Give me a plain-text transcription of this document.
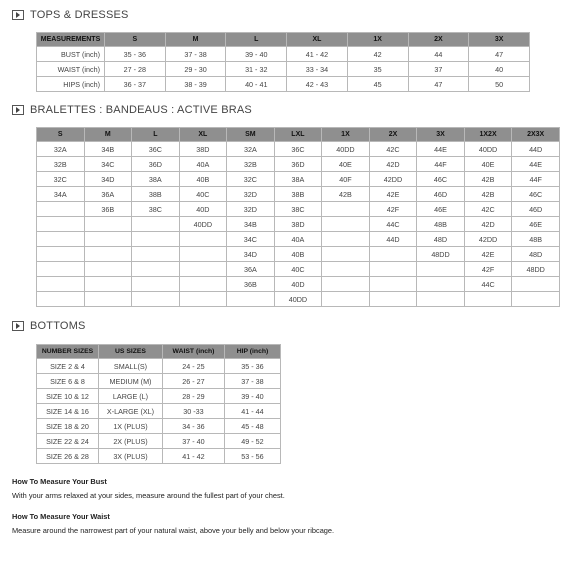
TOPS & DRESSES
MEASUREMENTS	S	M	L	XL	1X	2X	3X
BUST (inch)	35 - 36	37 - 38	39 - 40	41 - 42	42	44	47
WAIST (inch)	27 - 28	29 - 30	31 - 32	33 - 34	35	37	40
HIPS (inch)	36 - 37	38 - 39	40 - 41	42 - 43	45	47	50
BRALETTES : BANDEAUS : ACTIVE BRAS
S	M	L	XL	SM	LXL	1X	2X	3X	1X2X	2X3X
32A	34B	36C	38D	32A	36C	40DD	42C	44E	40DD	44D
32B	34C	36D	40A	32B	36D	40E	42D	44F	40E	44E
32C	34D	38A	40B	32C	38A	40F	42DD	46C	42B	44F
34A	36A	38B	40C	32D	38B	42B	42E	46D	42B	46C
	36B	38C	40D	32D	38C		42F	46E	42C	46D
			40DD	34B	38D		44C	48B	42D	46E
				34C	40A		44D	48D	42DD	48B
				34D	40B			48DD	42E	48D
				36A	40C				42F	48DD
				36B	40D				44C	
					40DD					
BOTTOMS
NUMBER SIZES	US SIZES	WAIST (inch)	HIP (inch)
SIZE 2 & 4	SMALL(S)	24 - 25	35 - 36
SIZE 6 & 8	MEDIUM (M)	26 - 27	37 - 38
SIZE 10 & 12	LARGE (L)	28 - 29	39 - 40
SIZE 14 & 16	X-LARGE (XL)	30 -33	41 - 44
SIZE 18 & 20	1X (PLUS)	34 - 36	45 - 48
SIZE 22 & 24	2X (PLUS)	37 - 40	49 - 52
SIZE 26 & 28	3X (PLUS)	41 - 42	53 - 56
How To Measure Your Bust
With your arms relaxed at your sides, measure around the fullest part of your chest.
How To Measure Your Waist
Measure around the narrowest part of your natural waist, above your belly and below your ribcage.
